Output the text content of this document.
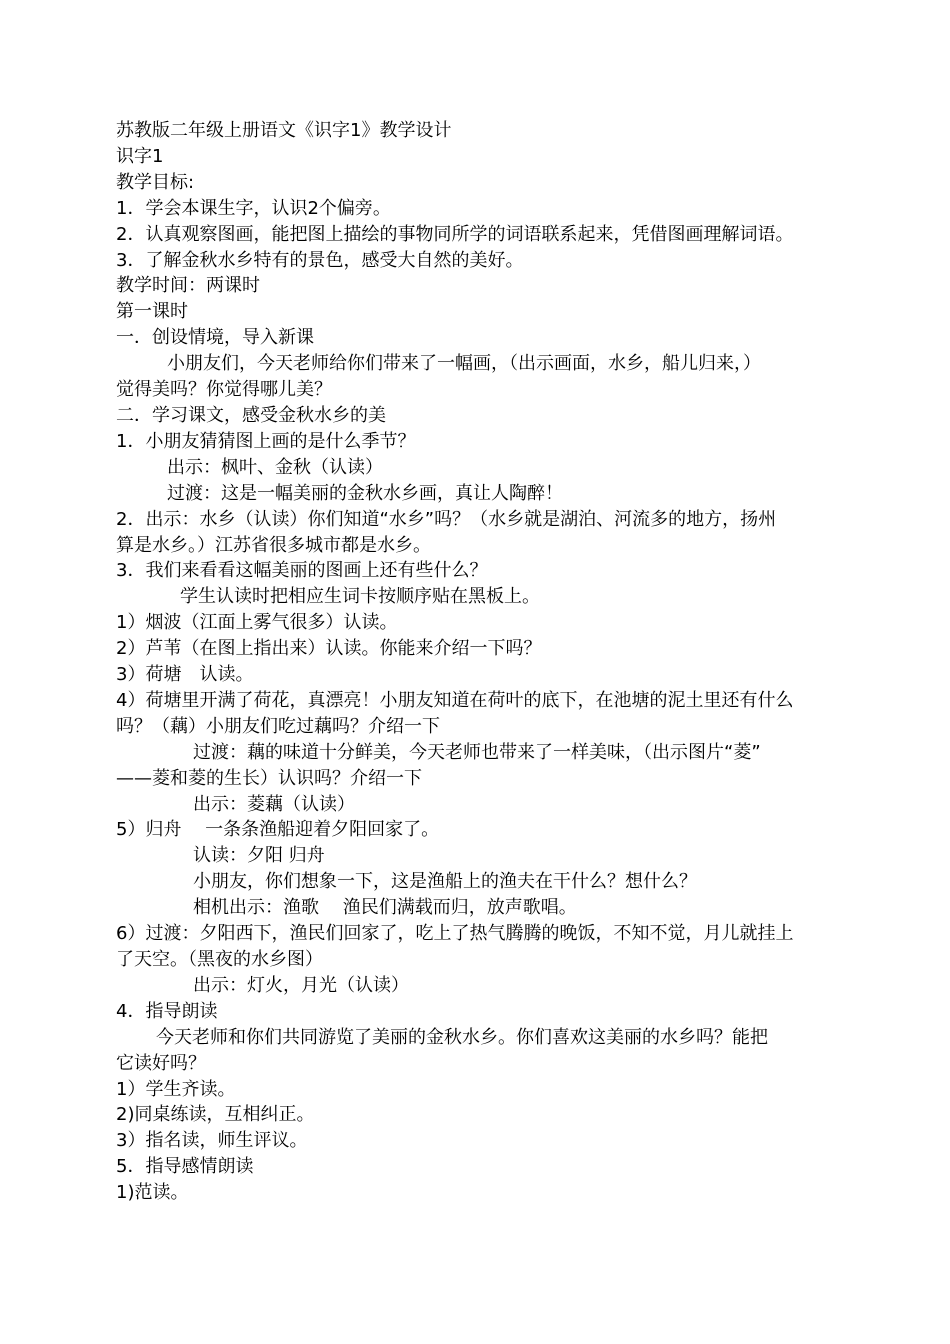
苏教版二年级上册语文《识字1》教学设计

识字1

教学目标:

1．学会本课生字，认识2个偏旁。

2．认真观察图画，能把图上描绘的事物同所学的词语联系起来，凭借图画理解词语。

3．了解金秋水乡特有的景色，感受大自然的美好。

教学时间：两课时

第一课时

一．创设情境，导入新课

小朋友们，今天老师给你们带来了一幅画，（出示画面，水乡，船儿归来，）

觉得美吗？你觉得哪儿美？

二．学习课文，感受金秋水乡的美

1．小朋友猜猜图上画的是什么季节？

出示：枫叶、金秋（认读）

过渡：这是一幅美丽的金秋水乡画，真让人陶醉！

2．出示：水乡（认读）你们知道“水乡”吗？（水乡就是湖泊、河流多的地方，扬州

算是水乡。）江苏省很多城市都是水乡。

3．我们来看看这幅美丽的图画上还有些什么？

学生认读时把相应生词卡按顺序贴在黑板上。

1）烟波（江面上雾气很多）认读。

2）芦苇（在图上指出来）认读。你能来介绍一下吗？

3）荷塘　认读。

4）荷塘里开满了荷花，真漂亮！小朋友知道在荷叶的底下，在池塘的泥土里还有什么

吗？（藕）小朋友们吃过藕吗？介绍一下

过渡：藕的味道十分鲜美，今天老师也带来了一样美味，（出示图片“菱”

——菱和菱的生长）认识吗？介绍一下

出示：菱藕（认读）

5）归舟　 一条条渔船迎着夕阳回家了。

认读：夕阳 归舟

小朋友，你们想象一下，这是渔船上的渔夫在干什么？想什么？

相机出示：渔歌　 渔民们满载而归，放声歌唱。

6）过渡：夕阳西下，渔民们回家了，吃上了热气腾腾的晚饭，不知不觉，月儿就挂上

了天空。（黑夜的水乡图）

出示：灯火，月光（认读）

4．指导朗读

今天老师和你们共同游览了美丽的金秋水乡。你们喜欢这美丽的水乡吗？能把

它读好吗？

1）学生齐读。

2)同桌练读，互相纠正。

3）指名读，师生评议。

5．指导感情朗读

1)范读。
